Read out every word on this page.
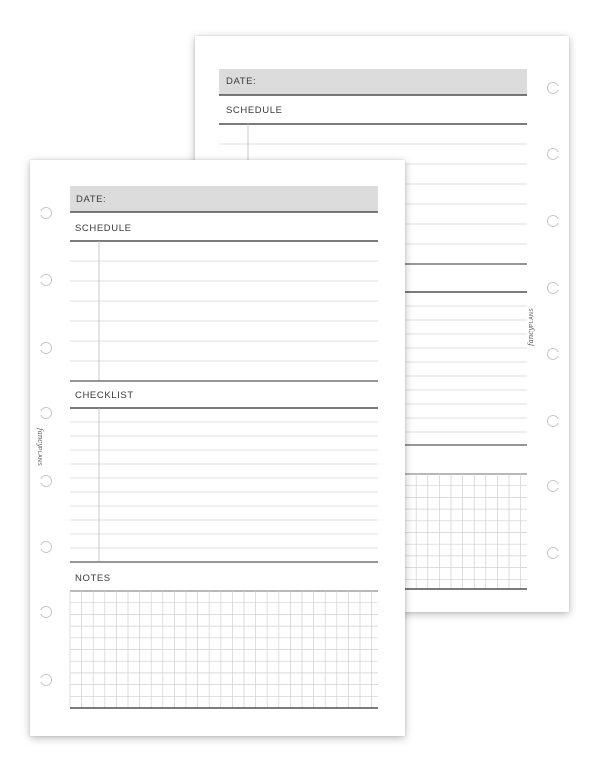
DATE:
SCHEDULE
fancyPLANS
DATE:
SCHEDULE
CHECKLIST
NOTES
fancyPLANS
